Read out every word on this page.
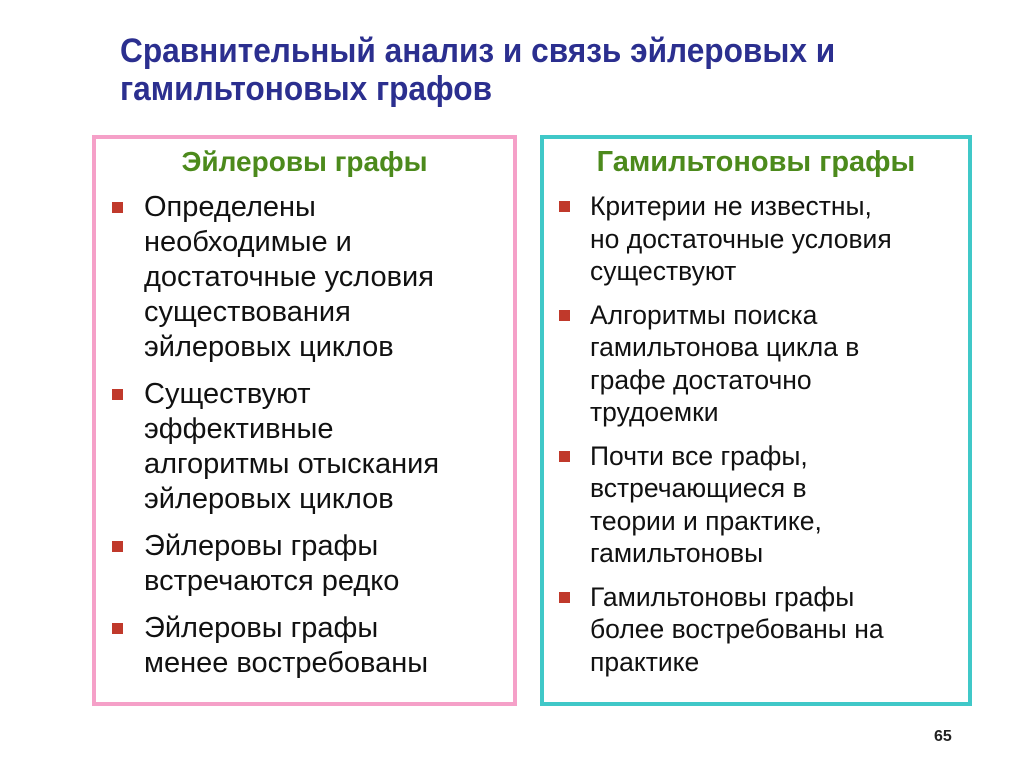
Сравнительный анализ и связь эйлеровых и
гамильтоновых графов
Эйлеровы графы
Определены
необходимые и
достаточные условия
существования
эйлеровых циклов
Существуют
эффективные
алгоритмы отыскания
эйлеровых циклов
Эйлеровы графы
встречаются редко
Эйлеровы графы
менее востребованы
Гамильтоновы графы
Критерии не известны,
но достаточные условия
существуют
Алгоритмы поиска
гамильтонова цикла в
графе достаточно
трудоемки
Почти все графы,
встречающиеся в
теории и практике,
гамильтоновы
Гамильтоновы графы
более востребованы на
практике
65
